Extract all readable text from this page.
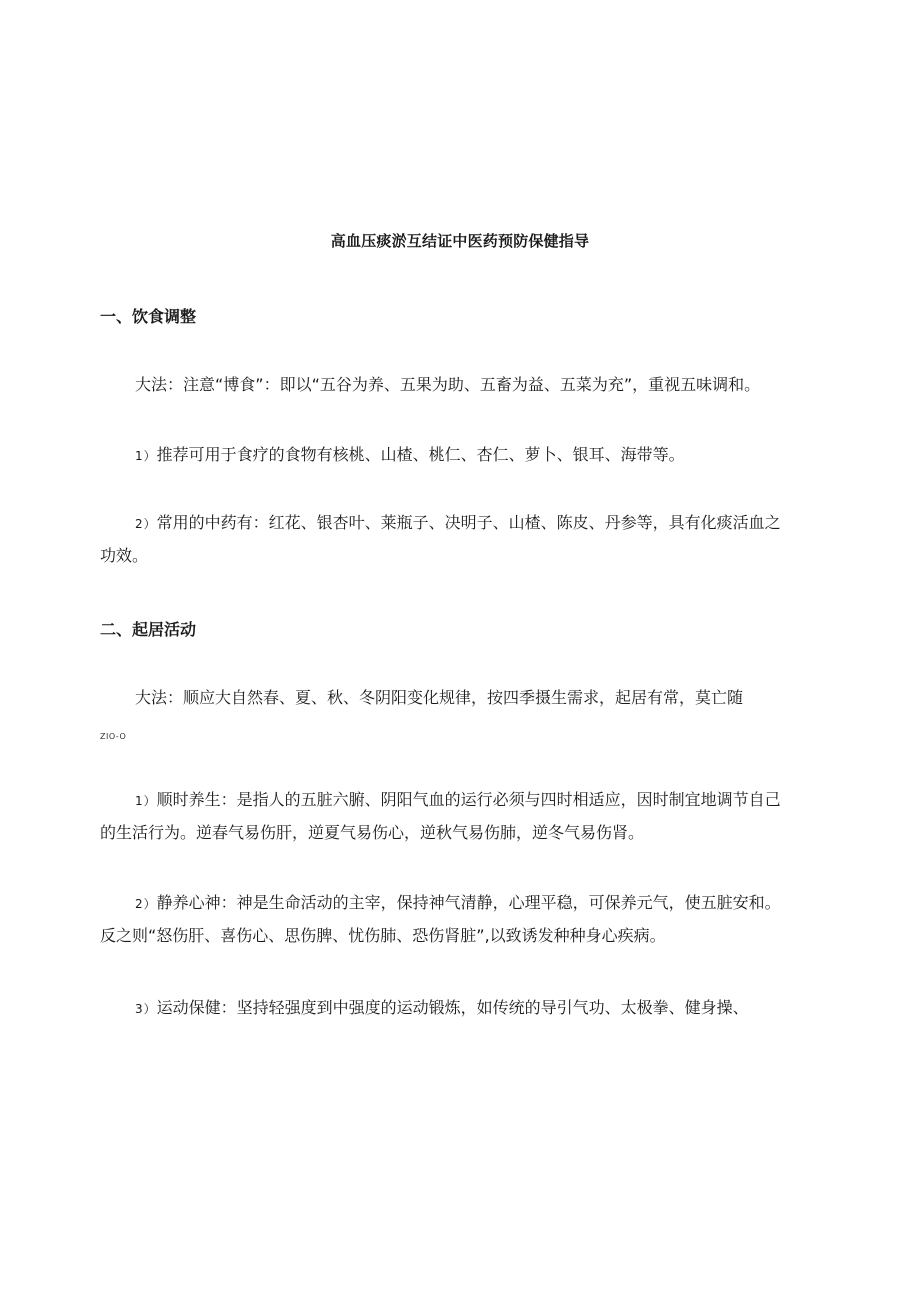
高血压痰淤互结证中医药预防保健指导
一、饮食调整
大法：注意“博食”：即以“五谷为养、五果为助、五畜为益、五菜为充”，重视五味调和。
1）推荐可用于食疗的食物有核桃、山楂、桃仁、杏仁、萝卜、银耳、海带等。
2）常用的中药有：红花、银杏叶、莱瓶子、决明子、山楂、陈皮、丹参等，具有化痰活血之
功效。
二、起居活动
大法：顺应大自然春、夏、秋、冬阴阳变化规律，按四季摄生需求，起居有常，莫亡随
ZIO-O
1）顺时养生：是指人的五脏六腑、阴阳气血的运行必须与四时相适应，因时制宜地调节自己
的生活行为。逆春气易伤肝，逆夏气易伤心，逆秋气易伤肺，逆冬气易伤肾。
2）静养心神：神是生命活动的主宰，保持神气清静，心理平稳，可保养元气，使五脏安和。
反之则“怒伤肝、喜伤心、思伤脾、忧伤肺、恐伤肾脏”,以致诱发种种身心疾病。
3）运动保健：坚持轻强度到中强度的运动锻炼，如传统的导引气功、太极拳、健身操、
